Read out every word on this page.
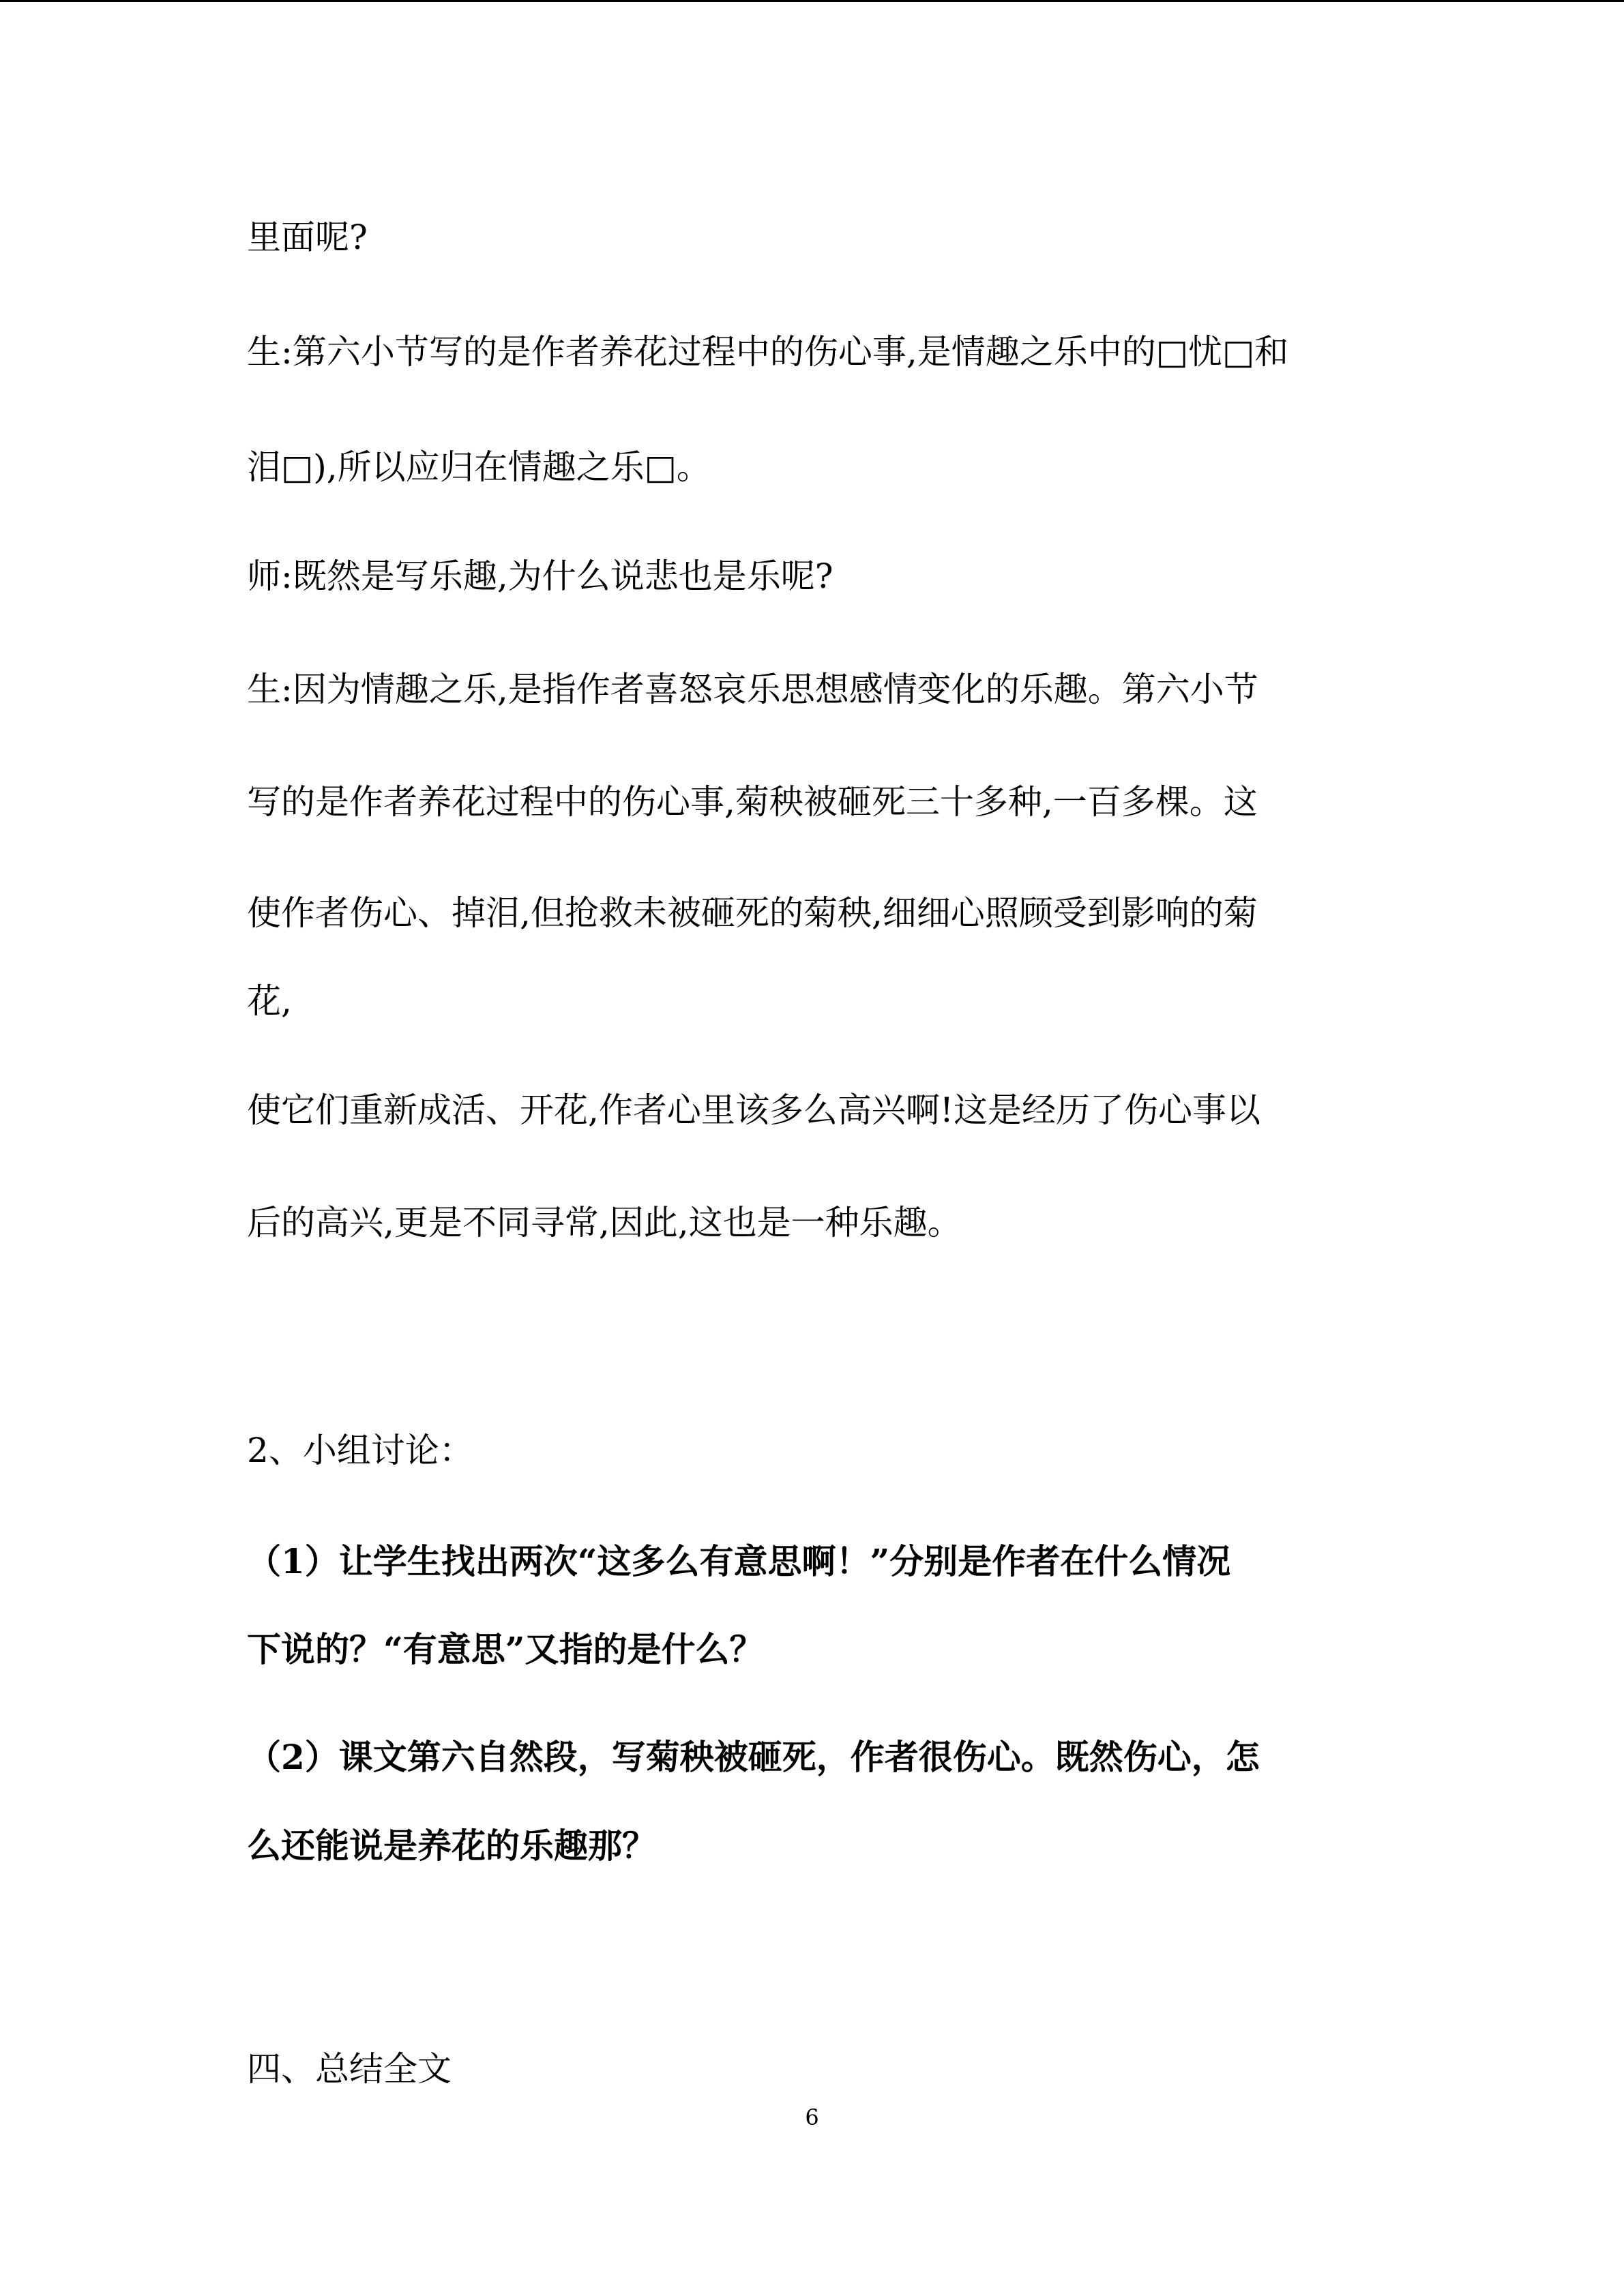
里面呢?
生:第六小节写的是作者养花过程中的伤心事,是情趣之乐中的□忧□和
泪□),所以应归在情趣之乐□。
师:既然是写乐趣,为什么说悲也是乐呢?
生:因为情趣之乐,是指作者喜怒哀乐思想感情变化的乐趣。第六小节
写的是作者养花过程中的伤心事,菊秧被砸死三十多种,一百多棵。这
使作者伤心、掉泪,但抢救未被砸死的菊秧,细细心照顾受到影响的菊
花,
使它们重新成活、开花,作者心里该多么高兴啊!这是经历了伤心事以
后的高兴,更是不同寻常,因此,这也是一种乐趣。
2、小组讨论：
（1）让学生找出两次“这多么有意思啊！”分别是作者在什么情况
下说的？“有意思”又指的是什么？
（2）课文第六自然段，写菊秧被砸死，作者很伤心。既然伤心，怎
么还能说是养花的乐趣那？
四、总结全文
6
